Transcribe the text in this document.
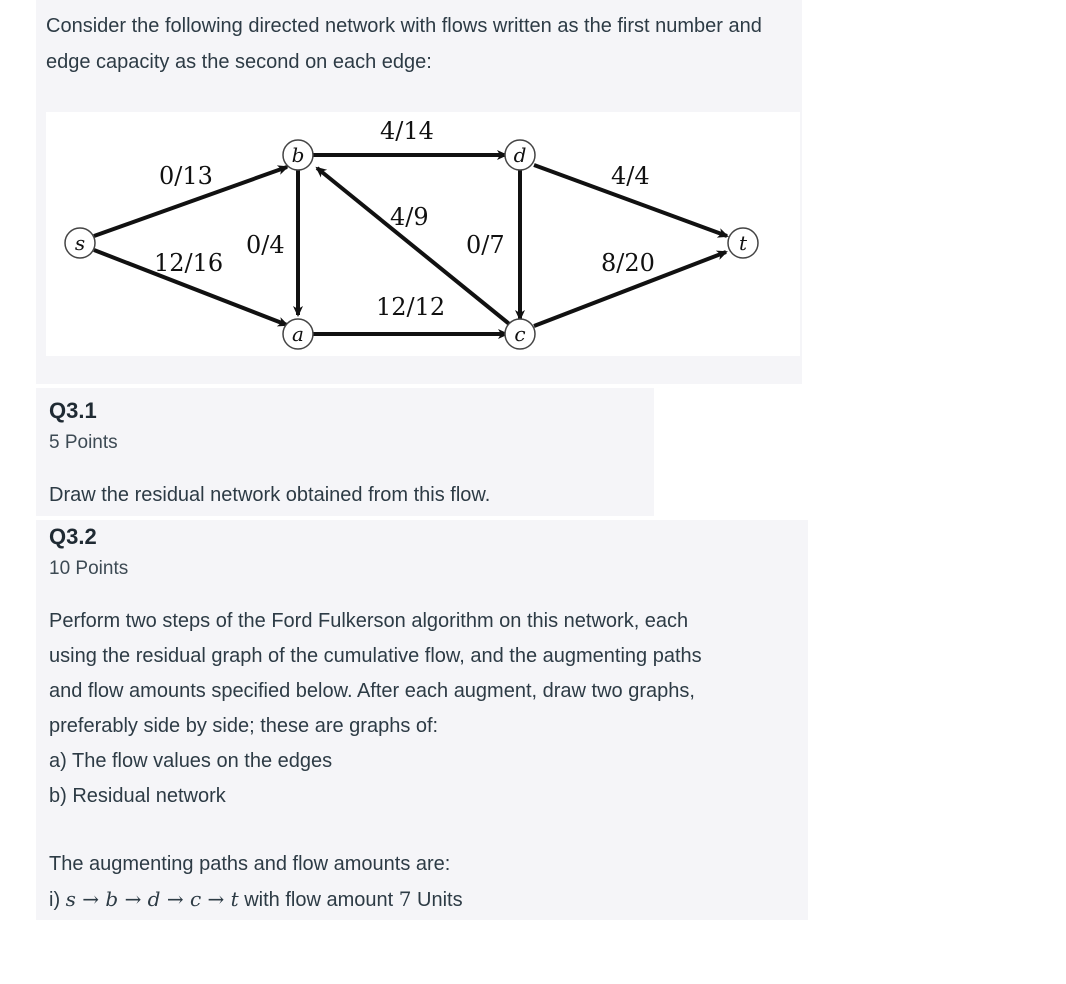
Consider the following directed network with flows written as the first number and edge capacity as the second on each edge:
s
b
a
d
c
t
0/13
12/16
0/4
4/14
4/9
0/7
12/12
4/4
8/20
Q3.1
5 Points
Draw the residual network obtained from this flow.
Q3.2
10 Points
Perform two steps of the Ford Fulkerson algorithm on this network, each
using the residual graph of the cumulative flow, and the augmenting paths
and flow amounts specified below. After each augment, draw two graphs,
preferably side by side; these are graphs of:
a) The flow values on the edges
b) Residual network
The augmenting paths and flow amounts are:
i) s → b → d → c → t with flow amount 7 Units
